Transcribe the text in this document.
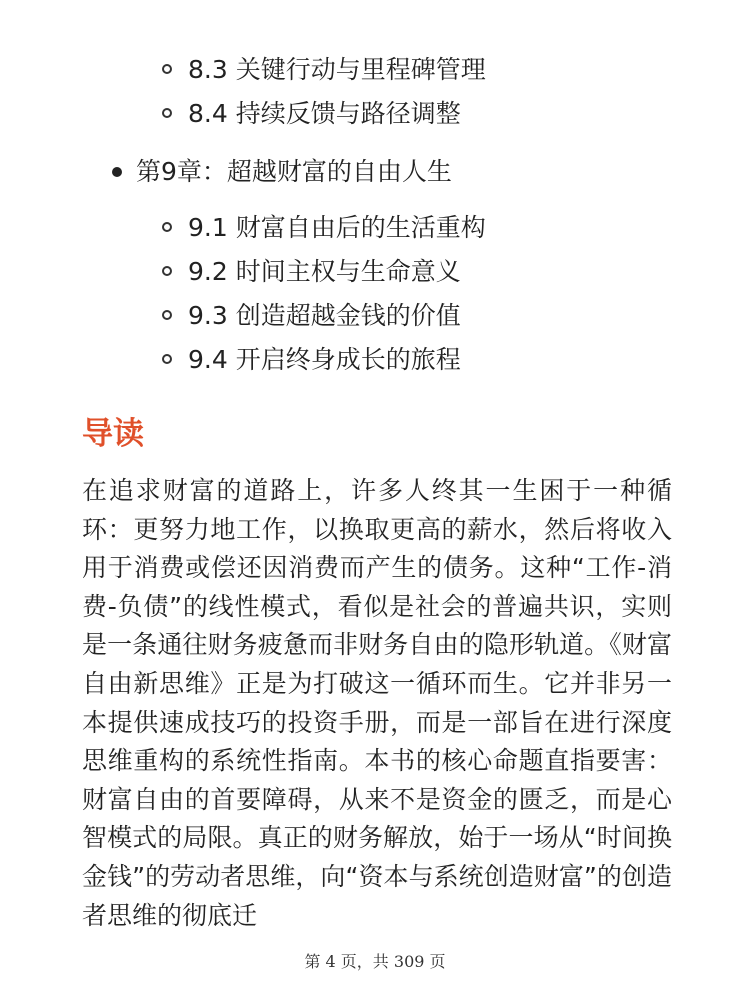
8.3 关键行动与里程碑管理
8.4 持续反馈与路径调整
第9章：超越财富的自由人生
9.1 财富自由后的生活重构
9.2 时间主权与生命意义
9.3 创造超越金钱的价值
9.4 开启终身成长的旅程
导读
在追求财富的道路上，许多人终其一生困于一种循环：更努力地工作，以换取更高的薪水，然后将收入用于消费或偿还因消费而产生的债务。这种“工作-消费-负债”的线性模式，看似是社会的普遍共识，实则是一条通往财务疲惫而非财务自由的隐形轨道。《财富自由新思维》正是为打破这一循环而生。它并非另一本提供速成技巧的投资手册，而是一部旨在进行深度思维重构的系统性指南。本书的核心命题直指要害：财富自由的首要障碍，从来不是资金的匮乏，而是心智模式的局限。真正的财务解放，始于一场从“时间换金钱”的劳动者思维，向“资本与系统创造财富”的创造者思维的彻底迁
第 4 页，共 309 页
